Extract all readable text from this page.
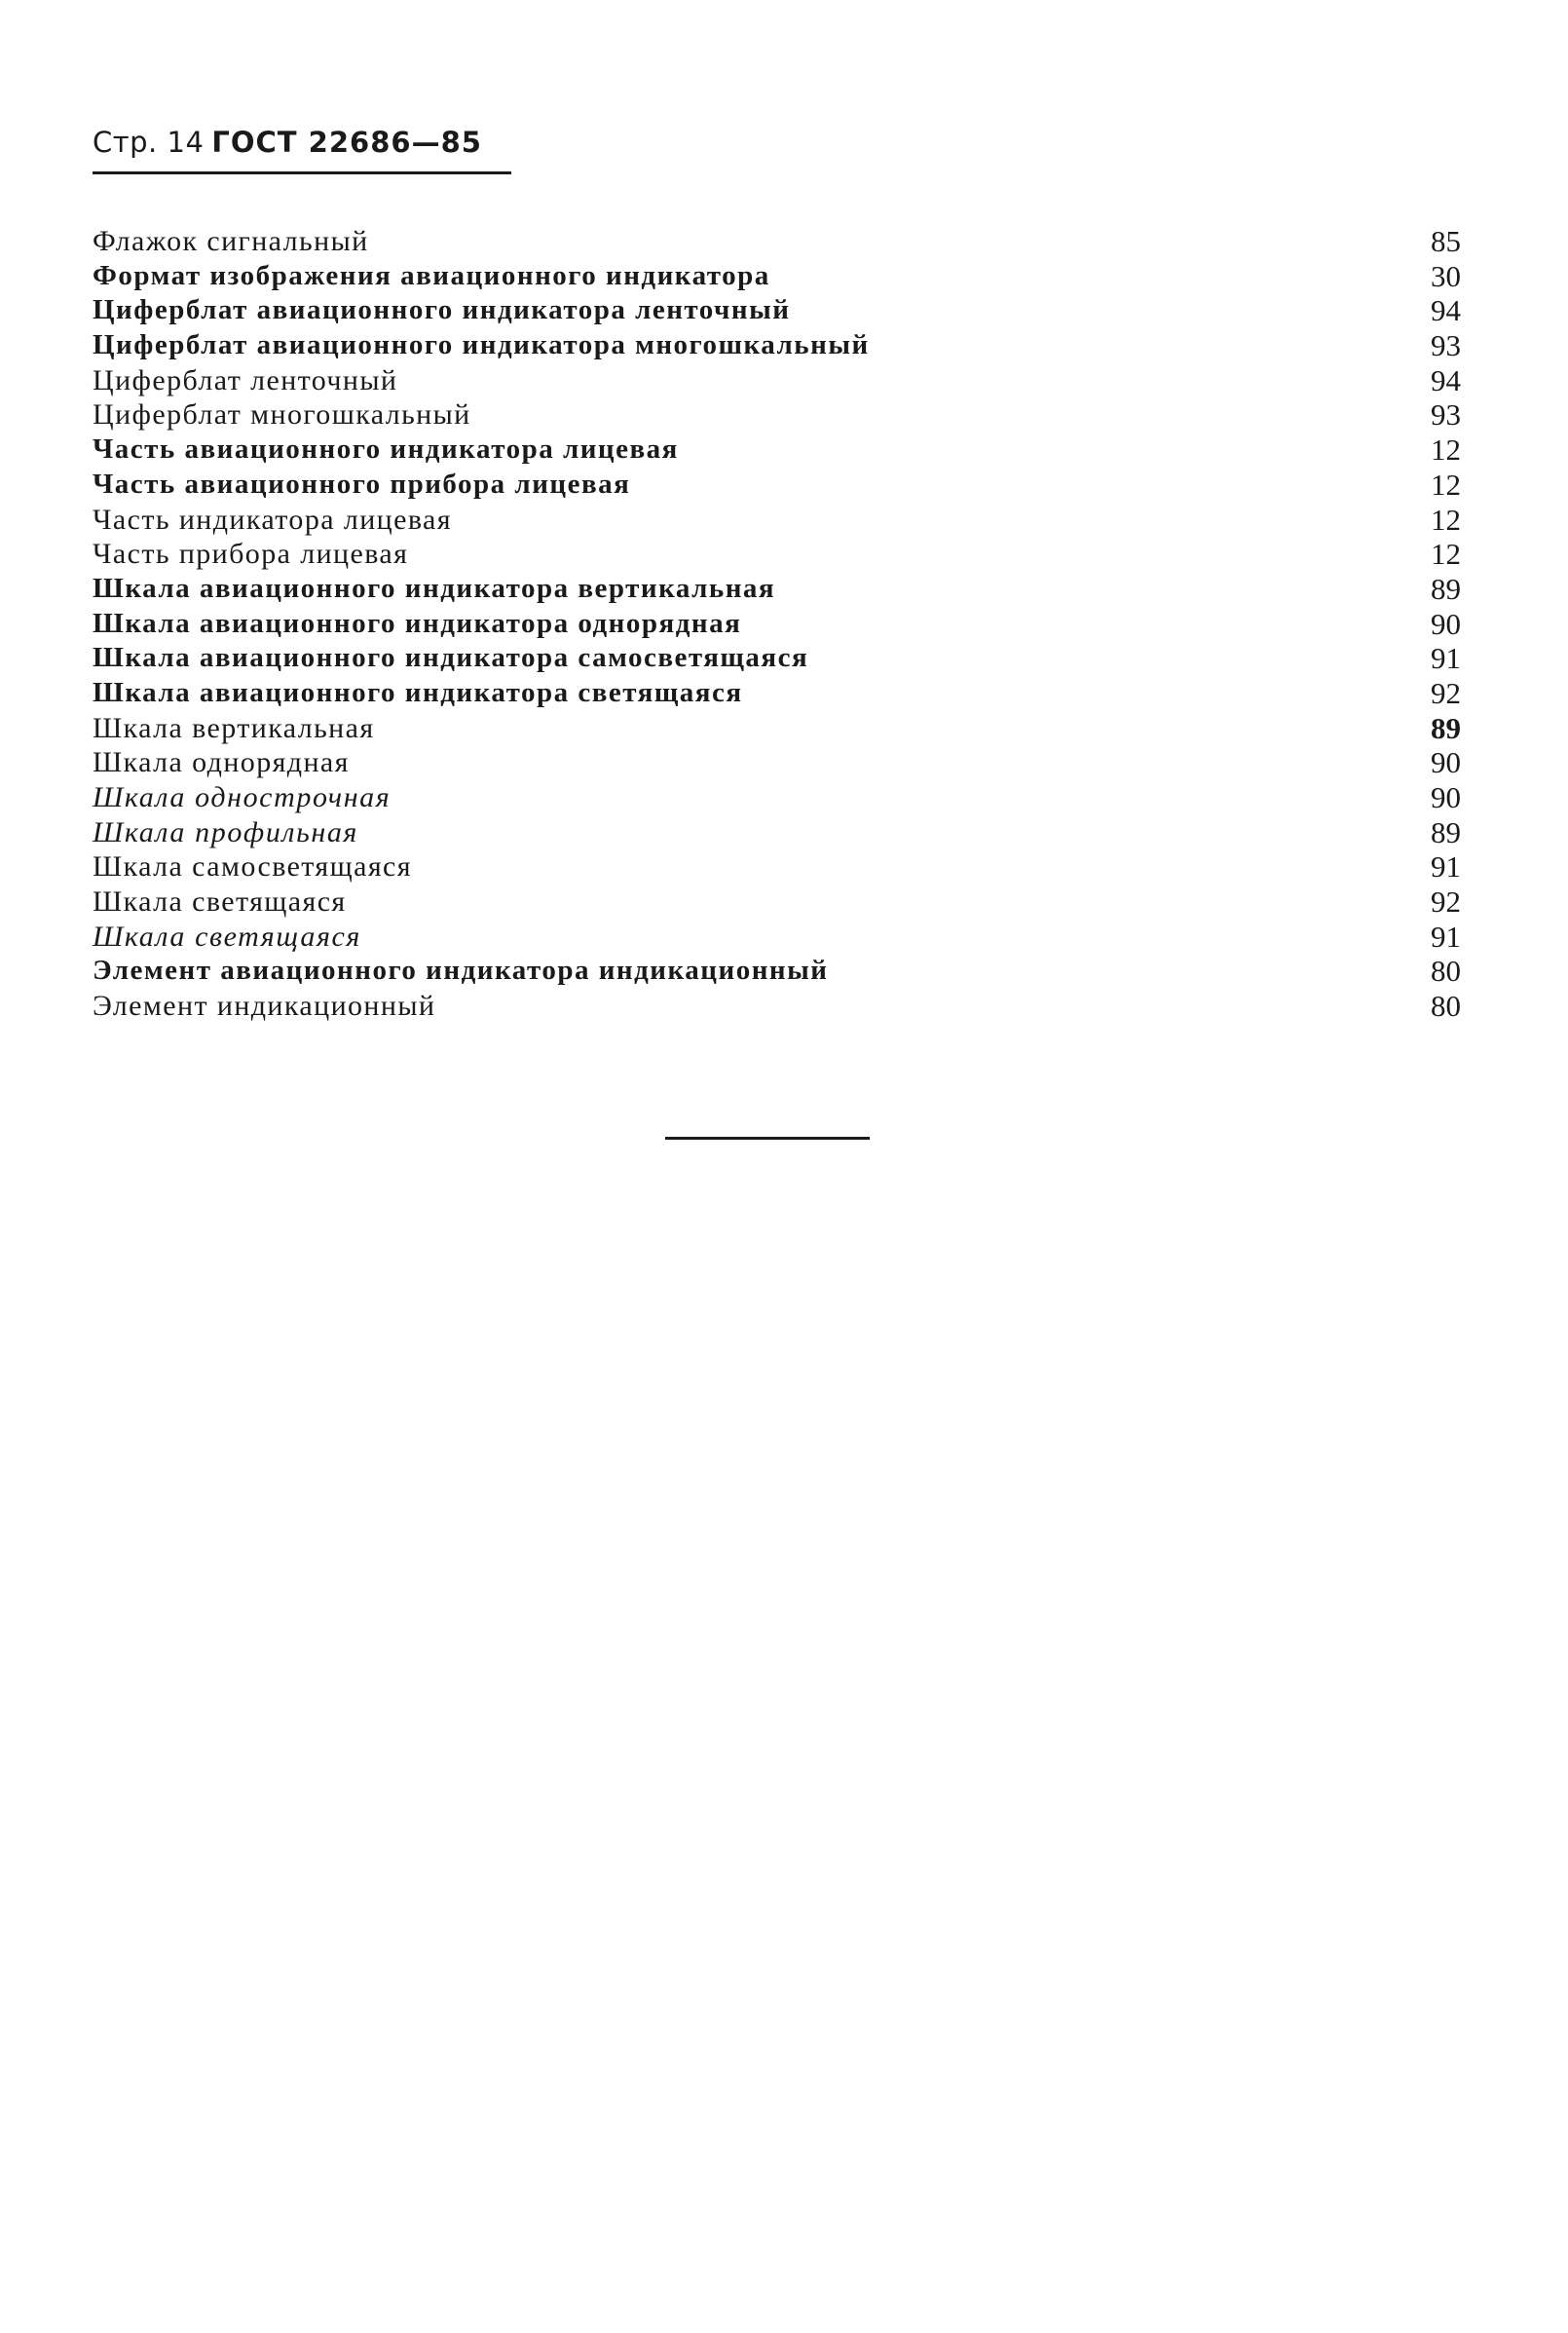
Стр. 14 ГОСТ 22686—85
Флажок сигнальный	85
Формат изображения авиационного индикатора	30
Циферблат авиационного индикатора ленточный	94
Циферблат авиационного индикатора многошкальный	93
Циферблат ленточный	94
Циферблат многошкальный	93
Часть авиационного индикатора лицевая	12
Часть авиационного прибора лицевая	12
Часть индикатора лицевая	12
Часть прибора лицевая	12
Шкала авиационного индикатора вертикальная	89
Шкала авиационного индикатора однорядная	90
Шкала авиационного индикатора самосветящаяся	91
Шкала авиационного индикатора светящаяся	92
Шкала вертикальная	89
Шкала однорядная	90
Шкала однострочная	90
Шкала профильная	89
Шкала самосветящаяся	91
Шкала светящаяся	92
Шкала светящаяся	91
Элемент авиационного индикатора индикационный	80
Элемент индикационный	80
